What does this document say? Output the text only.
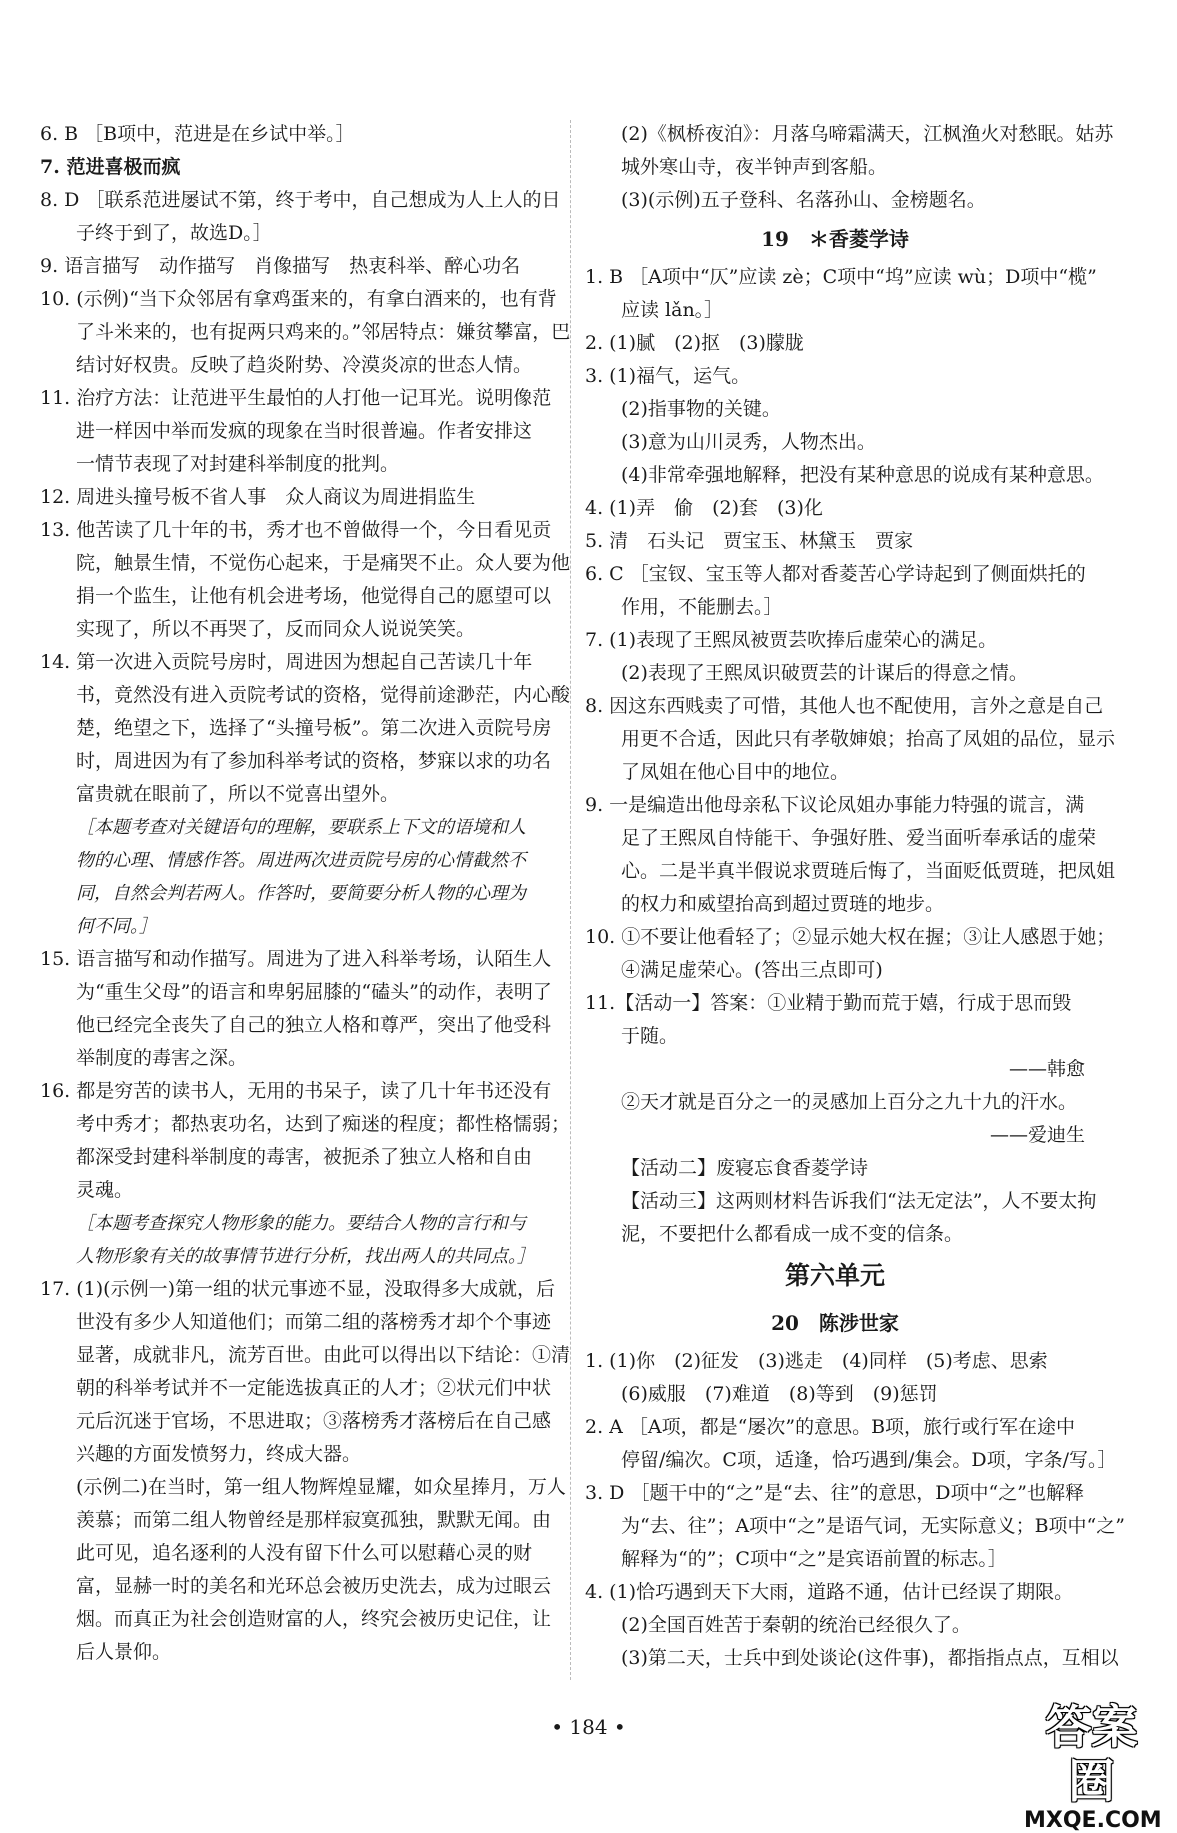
6. B ［B项中，范进是在乡试中举。］
7. 范进喜极而疯
8. D ［联系范进屡试不第，终于考中，自己想成为人上人的日
子终于到了，故选D。］
9. 语言描写　动作描写　肖像描写　热衷科举、醉心功名
10. (示例)“当下众邻居有拿鸡蛋来的，有拿白酒来的，也有背
了斗米来的，也有捉两只鸡来的。”邻居特点：嫌贫攀富，巴
结讨好权贵。反映了趋炎附势、冷漠炎凉的世态人情。
11. 治疗方法：让范进平生最怕的人打他一记耳光。说明像范
进一样因中举而发疯的现象在当时很普遍。作者安排这
一情节表现了对封建科举制度的批判。
12. 周进头撞号板不省人事　众人商议为周进捐监生
13. 他苦读了几十年的书，秀才也不曾做得一个，今日看见贡
院，触景生情，不觉伤心起来，于是痛哭不止。众人要为他
捐一个监生，让他有机会进考场，他觉得自己的愿望可以
实现了，所以不再哭了，反而同众人说说笑笑。
14. 第一次进入贡院号房时，周进因为想起自己苦读几十年
书，竟然没有进入贡院考试的资格，觉得前途渺茫，内心酸
楚，绝望之下，选择了“头撞号板”。第二次进入贡院号房
时，周进因为有了参加科举考试的资格，梦寐以求的功名
富贵就在眼前了，所以不觉喜出望外。
［本题考查对关键语句的理解，要联系上下文的语境和人
物的心理、情感作答。周进两次进贡院号房的心情截然不
同，自然会判若两人。作答时，要简要分析人物的心理为
何不同。］
15. 语言描写和动作描写。周进为了进入科举考场，认陌生人
为“重生父母”的语言和卑躬屈膝的“磕头”的动作，表明了
他已经完全丧失了自己的独立人格和尊严，突出了他受科
举制度的毒害之深。
16. 都是穷苦的读书人，无用的书呆子，读了几十年书还没有
考中秀才；都热衷功名，达到了痴迷的程度；都性格懦弱；
都深受封建科举制度的毒害，被扼杀了独立人格和自由
灵魂。
［本题考查探究人物形象的能力。要结合人物的言行和与
人物形象有关的故事情节进行分析，找出两人的共同点。］
17. (1)(示例一)第一组的状元事迹不显，没取得多大成就，后
世没有多少人知道他们；而第二组的落榜秀才却个个事迹
显著，成就非凡，流芳百世。由此可以得出以下结论：①清
朝的科举考试并不一定能选拔真正的人才；②状元们中状
元后沉迷于官场，不思进取；③落榜秀才落榜后在自己感
兴趣的方面发愤努力，终成大器。
(示例二)在当时，第一组人物辉煌显耀，如众星捧月，万人
羡慕；而第二组人物曾经是那样寂寞孤独，默默无闻。由
此可见，追名逐利的人没有留下什么可以慰藉心灵的财
富，显赫一时的美名和光环总会被历史洗去，成为过眼云
烟。而真正为社会创造财富的人，终究会被历史记住，让
后人景仰。
(2)《枫桥夜泊》：月落乌啼霜满天，江枫渔火对愁眠。姑苏
城外寒山寺，夜半钟声到客船。
(3)(示例)五子登科、名落孙山、金榜题名。
19　＊香菱学诗
1. B ［A项中“仄”应读 zè；C项中“坞”应读 wù；D项中“榄”
应读 lǎn。］
2. (1)腻　(2)抠　(3)朦胧
3. (1)福气，运气。
(2)指事物的关键。
(3)意为山川灵秀，人物杰出。
(4)非常牵强地解释，把没有某种意思的说成有某种意思。
4. (1)弄　偷　(2)套　(3)化
5. 清　石头记　贾宝玉、林黛玉　贾家
6. C ［宝钗、宝玉等人都对香菱苦心学诗起到了侧面烘托的
作用，不能删去。］
7. (1)表现了王熙凤被贾芸吹捧后虚荣心的满足。
(2)表现了王熙凤识破贾芸的计谋后的得意之情。
8. 因这东西贱卖了可惜，其他人也不配使用，言外之意是自己
用更不合适，因此只有孝敬婶娘；抬高了凤姐的品位，显示
了凤姐在他心目中的地位。
9. 一是编造出他母亲私下议论凤姐办事能力特强的谎言，满
足了王熙凤自恃能干、争强好胜、爱当面听奉承话的虚荣
心。二是半真半假说求贾琏后悔了，当面贬低贾琏，把凤姐
的权力和威望抬高到超过贾琏的地步。
10. ①不要让他看轻了；②显示她大权在握；③让人感恩于她；
④满足虚荣心。(答出三点即可)
11.【活动一】答案：①业精于勤而荒于嬉，行成于思而毁
于随。
——韩愈
②天才就是百分之一的灵感加上百分之九十九的汗水。
——爱迪生
【活动二】废寝忘食香菱学诗
【活动三】这两则材料告诉我们“法无定法”，人不要太拘
泥，不要把什么都看成一成不变的信条。
第六单元
20　陈涉世家
1. (1)你　(2)征发　(3)逃走　(4)同样　(5)考虑、思索
(6)威服　(7)难道　(8)等到　(9)惩罚
2. A ［A项，都是“屡次”的意思。B项，旅行或行军在途中
停留/编次。C项，适逢，恰巧遇到/集会。D项，字条/写。］
3. D ［题干中的“之”是“去、往”的意思，D项中“之”也解释
为“去、往”；A项中“之”是语气词，无实际意义；B项中“之”
解释为“的”；C项中“之”是宾语前置的标志。］
4. (1)恰巧遇到天下大雨，道路不通，估计已经误了期限。
(2)全国百姓苦于秦朝的统治已经很久了。
(3)第二天，士兵中到处谈论(这件事)，都指指点点，互相以
• 184 •	答案圈
MXQE.COM
